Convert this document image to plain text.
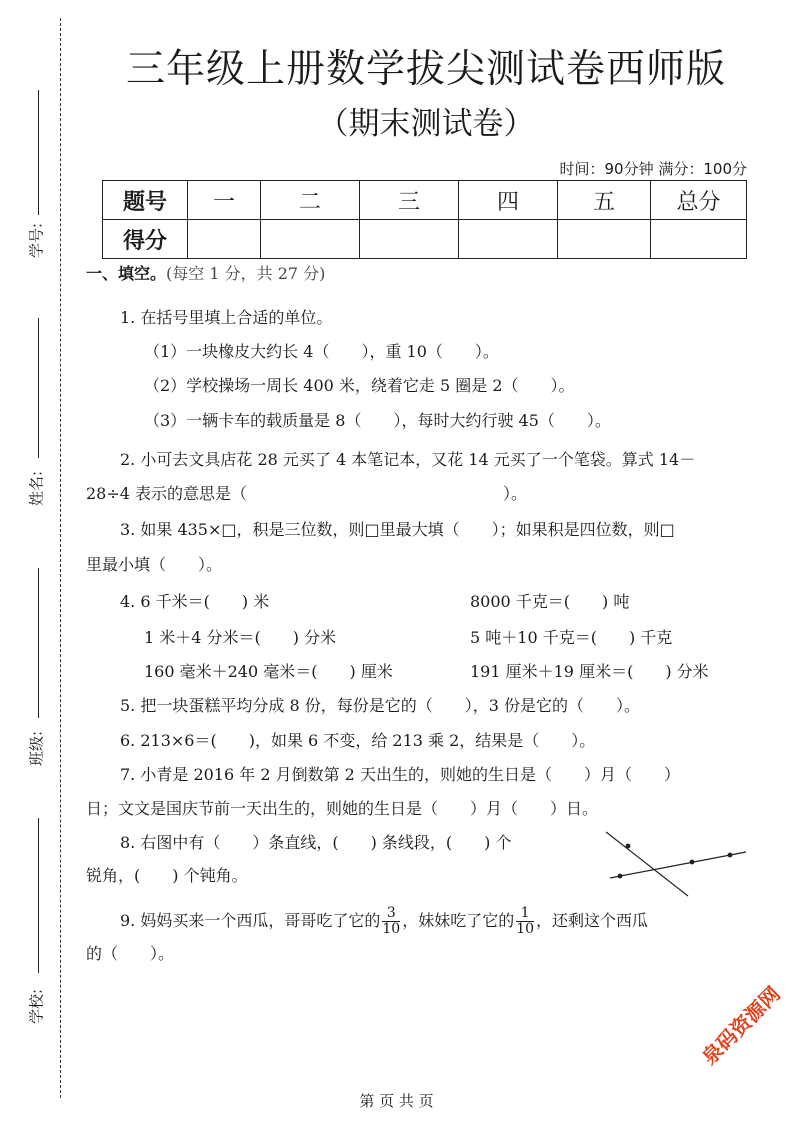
学号:
姓名:
班级:
学校:
三年级上册数学拔尖测试卷西师版
（期末测试卷）
时间：90分钟 满分：100分
题号	一	二	三	四	五	总分
得分						
一、填空。(每空 1 分，共 27 分)
1. 在括号里填上合适的单位。
（1）一块橡皮大约长 4（　　），重 10（　　）。
（2）学校操场一周长 400 米，绕着它走 5 圈是 2（　　）。
（3）一辆卡车的载质量是 8（　　），每时大约行驶 45（　　）。
2. 小可去文具店花 28 元买了 4 本笔记本，又花 14 元买了一个笔袋。算式 14－
28÷4 表示的意思是（　　　　　　　　　　　　　　　　）。
3. 如果 435×□，积是三位数，则□里最大填（　　）；如果积是四位数，则□
里最小填（　　）。
4. 6 千米＝(　　) 米	8000 千克＝(　　) 吨
1 米＋4 分米＝(　　) 分米	5 吨＋10 千克＝(　　) 千克
160 毫米＋240 毫米＝(　　) 厘米	191 厘米＋19 厘米＝(　　) 分米
5. 把一块蛋糕平均分成 8 份，每份是它的（　　），3 份是它的（　　）。
6. 213×6＝(　　)，如果 6 不变，给 213 乘 2，结果是（　　）。
7. 小青是 2016 年 2 月倒数第 2 天出生的，则她的生日是（　　）月（　　）
日；文文是国庆节前一天出生的，则她的生日是（　　）月（　　）日。
8. 右图中有（　　）条直线，(　　) 条线段，(　　) 个
锐角，(　　) 个钝角。
9. 妈妈买来一个西瓜，哥哥吃了它的 $\frac{3}{10}$ ，妹妹吃了它的 $\frac{1}{10}$ ，还剩这个西瓜
的（　　）。
泉码资源网
第 页 共 页
